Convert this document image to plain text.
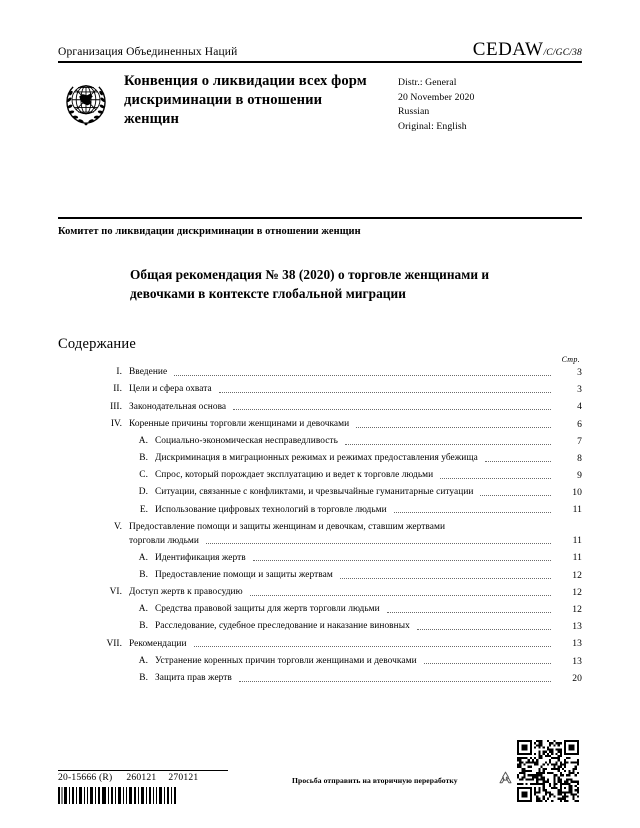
Организация Объединенных Наций	CEDAW/C/GC/38
Конвенция о ликвидации всех форм дискриминации в отношении женщин
Distr.: General
20 November 2020
Russian
Original: English
Комитет по ликвидации дискриминации в отношении женщин
Общая рекомендация № 38 (2020) о торговле женщинами и девочками в контексте глобальной миграции
Содержание
Стр.
I. Введение	3
II. Цели и сфера охвата	3
III. Законодательная основа	4
IV. Коренные причины торговли женщинами и девочками	6
A. Социально-экономическая несправедливость	7
B. Дискриминация в миграционных режимах и режимах предоставления убежища	8
C. Спрос, который порождает эксплуатацию и ведет к торговле людьми	9
D. Ситуации, связанные с конфликтами, и чрезвычайные гуманитарные ситуации	10
E. Использование цифровых технологий в торговле людьми	11
V. Предоставление помощи и защиты женщинам и девочкам, ставшим жертвами
торговли людьми	11
A. Идентификация жертв	11
B. Предоставление помощи и защиты жертвам	12
VI. Доступ жертв к правосудию	12
A. Средства правовой защиты для жертв торговли людьми	12
B. Расследование, судебное преследование и наказание виновных	13
VII. Рекомендации	13
A. Устранение коренных причин торговли женщинами и девочками	13
B. Защита прав жертв	20
20-15666 (R) 260121 270121	Просьба отправить на вторичную переработку
